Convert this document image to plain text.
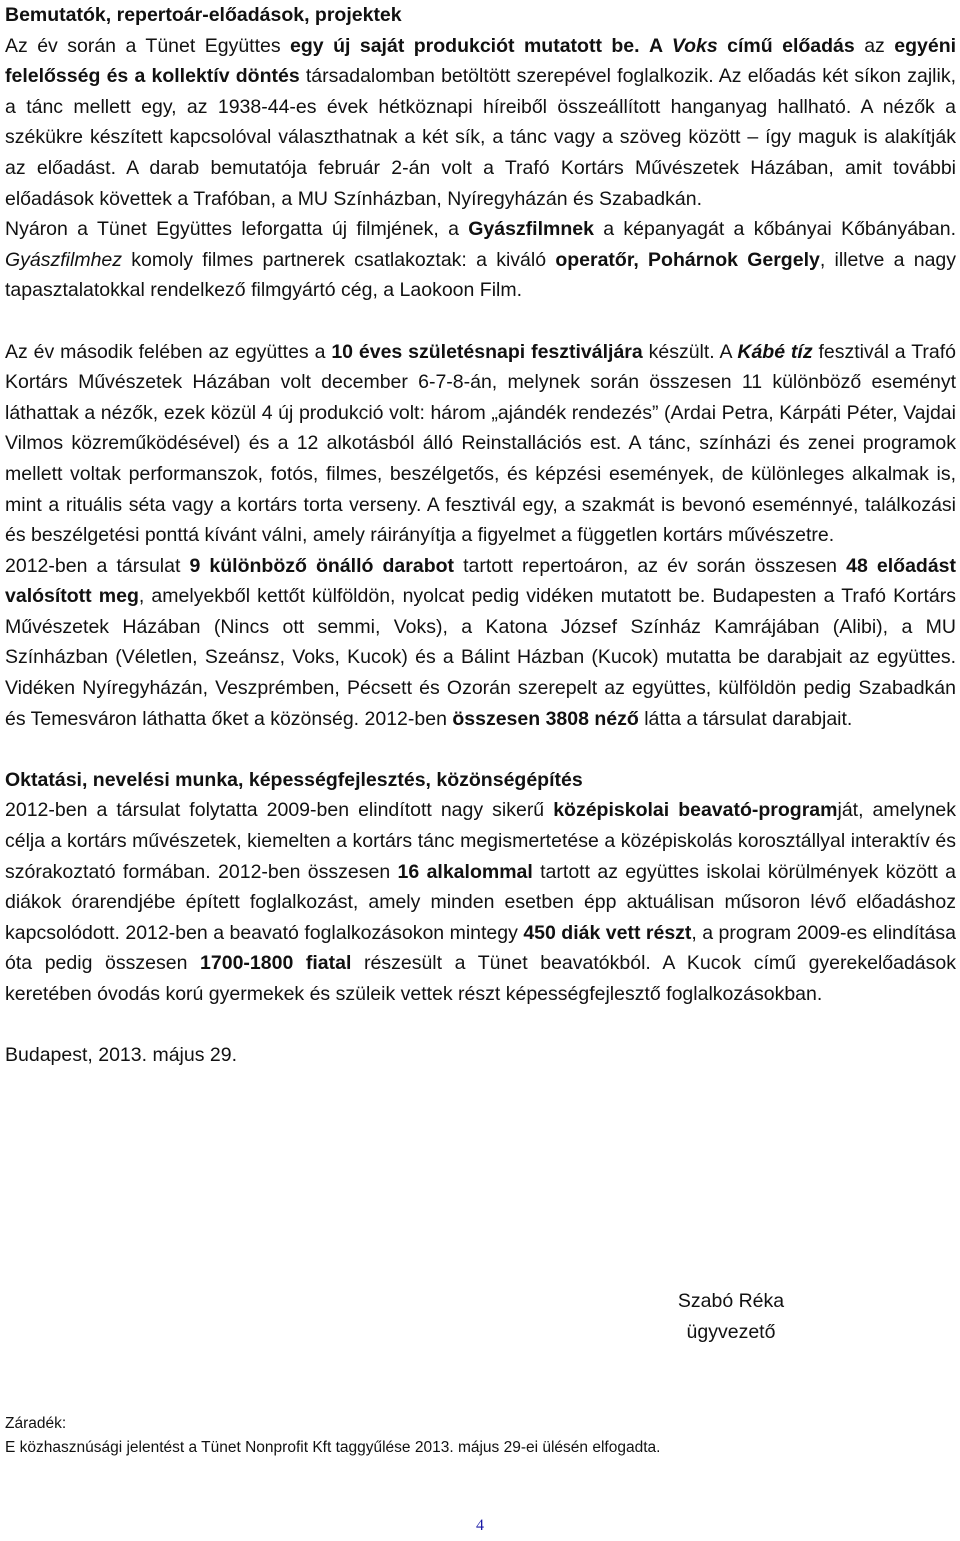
Bemutatók, repertoár-előadások, projektek

Az év során a Tünet Együttes egy új saját produkciót mutatott be. A Voks című előadás az egyéni felelősség és a kollektív döntés társadalomban betöltött szerepével foglalkozik. Az előadás két síkon zajlik, a tánc mellett egy, az 1938-44-es évek hétköznapi híreiből összeállított hanganyag hallható. A nézők a székükre készített kapcsolóval választhatnak a két sík, a tánc vagy a szöveg között – így maguk is alakítják az előadást. A darab bemutatója február 2-án volt a Trafó Kortárs Művészetek Házában, amit további előadások követtek a Trafóban, a MU Színházban, Nyíregyházán és Szabadkán.

Nyáron a Tünet Együttes leforgatta új filmjének, a Gyászfilmnek a képanyagát a kőbányai Kőbányában. Gyászfilmhez komoly filmes partnerek csatlakoztak: a kiváló operatőr, Pohárnok Gergely, illetve a nagy tapasztalatokkal rendelkező filmgyártó cég, a Laokoon Film.

Az év második felében az együttes a 10 éves születésnapi fesztiváljára készült. A Kábé tíz fesztivál a Trafó Kortárs Művészetek Házában volt december 6-7-8-án, melynek során összesen 11 különböző eseményt láthattak a nézők, ezek közül 4 új produkció volt: három „ajándék rendezés” (Ardai Petra, Kárpáti Péter, Vajdai Vilmos közreműködésével) és a 12 alkotásból álló Reinstallációs est. A tánc, színházi és zenei programok mellett voltak performanszok, fotós, filmes, beszélgetős, és képzési események, de különleges alkalmak is, mint a rituális séta vagy a kortárs torta verseny. A fesztivál egy, a szakmát is bevonó eseménnyé, találkozási és beszélgetési ponttá kívánt válni, amely ráirányítja a figyelmet a független kortárs művészetre.

2012-ben a társulat 9 különböző önálló darabot tartott repertoáron, az év során összesen 48 előadást valósított meg, amelyekből kettőt külföldön, nyolcat pedig vidéken mutatott be. Budapesten a Trafó Kortárs Művészetek Házában (Nincs ott semmi, Voks), a Katona József Színház Kamrájában (Alibi), a MU Színházban (Véletlen, Szeánsz, Voks, Kucok) és a Bálint Házban (Kucok) mutatta be darabjait az együttes. Vidéken Nyíregyházán, Veszprémben, Pécsett és Ozorán szerepelt az együttes, külföldön pedig Szabadkán és Temesváron láthatta őket a közönség. 2012-ben összesen 3808 néző látta a társulat darabjait.

Oktatási, nevelési munka, képességfejlesztés, közönségépítés

2012-ben a társulat folytatta 2009-ben elindított nagy sikerű középiskolai beavató-programját, amelynek célja a kortárs művészetek, kiemelten a kortárs tánc megismertetése a középiskolás korosztállyal interaktív és szórakoztató formában. 2012-ben összesen 16 alkalommal tartott az együttes iskolai körülmények között a diákok órarendjébe épített foglalkozást, amely minden esetben épp aktuálisan műsoron lévő előadáshoz kapcsolódott. 2012-ben a beavató foglalkozásokon mintegy 450 diák vett részt, a program 2009-es elindítása óta pedig összesen 1700-1800 fiatal részesült a Tünet beavatókból. A Kucok című gyerekelőadások keretében óvodás korú gyermekek és szüleik vettek részt képességfejlesztő foglalkozásokban.

Budapest, 2013. május 29.

Szabó Réka
ügyvezető
Záradék:
E közhasznúsági jelentést a Tünet Nonprofit Kft taggyűlése 2013. május 29-ei ülésén elfogadta.
4
